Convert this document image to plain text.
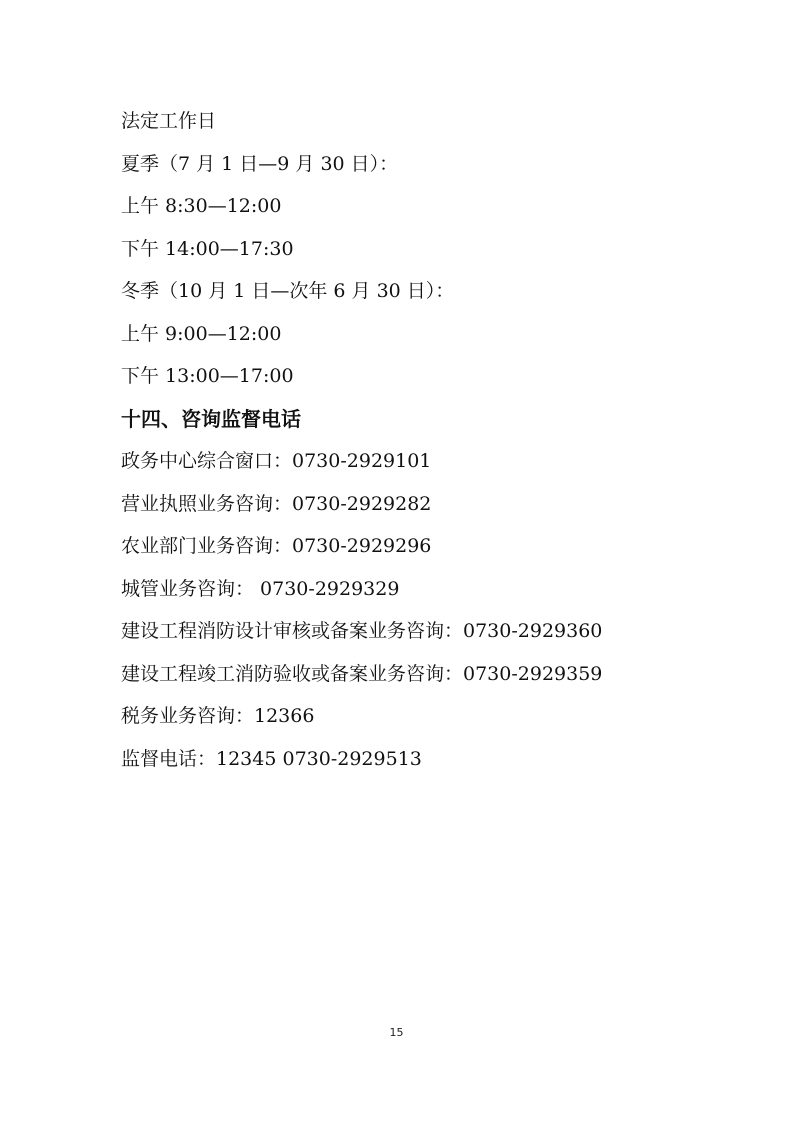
法定工作日
夏季（7 月 1 日—9 月 30 日）：
上午 8:30—12:00
下午 14:00—17:30
冬季（10 月 1 日—次年 6 月 30 日）：
上午 9:00—12:00
下午 13:00—17:00
十四、咨询监督电话
政务中心综合窗口：0730-2929101
营业执照业务咨询：0730-2929282
农业部门业务咨询：0730-2929296
城管业务咨询： 0730-2929329
建设工程消防设计审核或备案业务咨询：0730-2929360
建设工程竣工消防验收或备案业务咨询：0730-2929359
税务业务咨询：12366
监督电话：12345 0730-2929513
15
